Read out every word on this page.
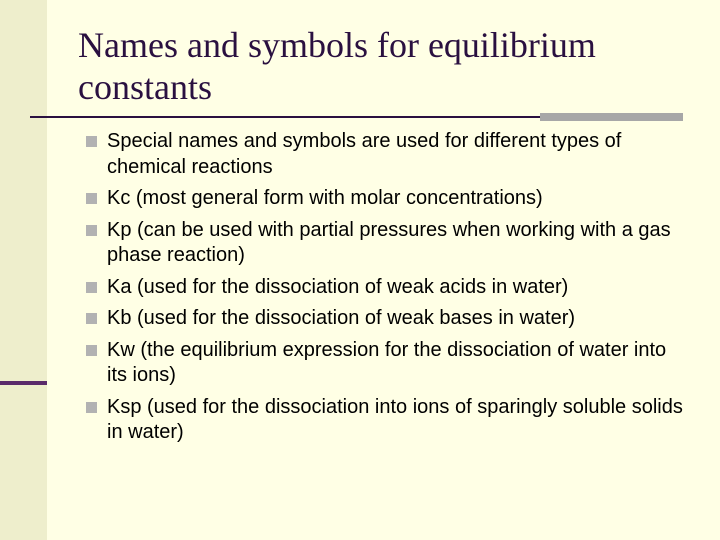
Names and symbols for equilibrium constants
Special names and symbols are used for different types of chemical reactions
Kc (most general form with molar concentrations)
Kp (can be used with partial pressures when working with a gas phase reaction)
Ka (used for the dissociation of weak acids in water)
Kb (used for the dissociation of weak bases in water)
Kw (the equilibrium expression for the dissociation of water into its ions)
Ksp (used for the dissociation into ions of sparingly soluble solids in water)
